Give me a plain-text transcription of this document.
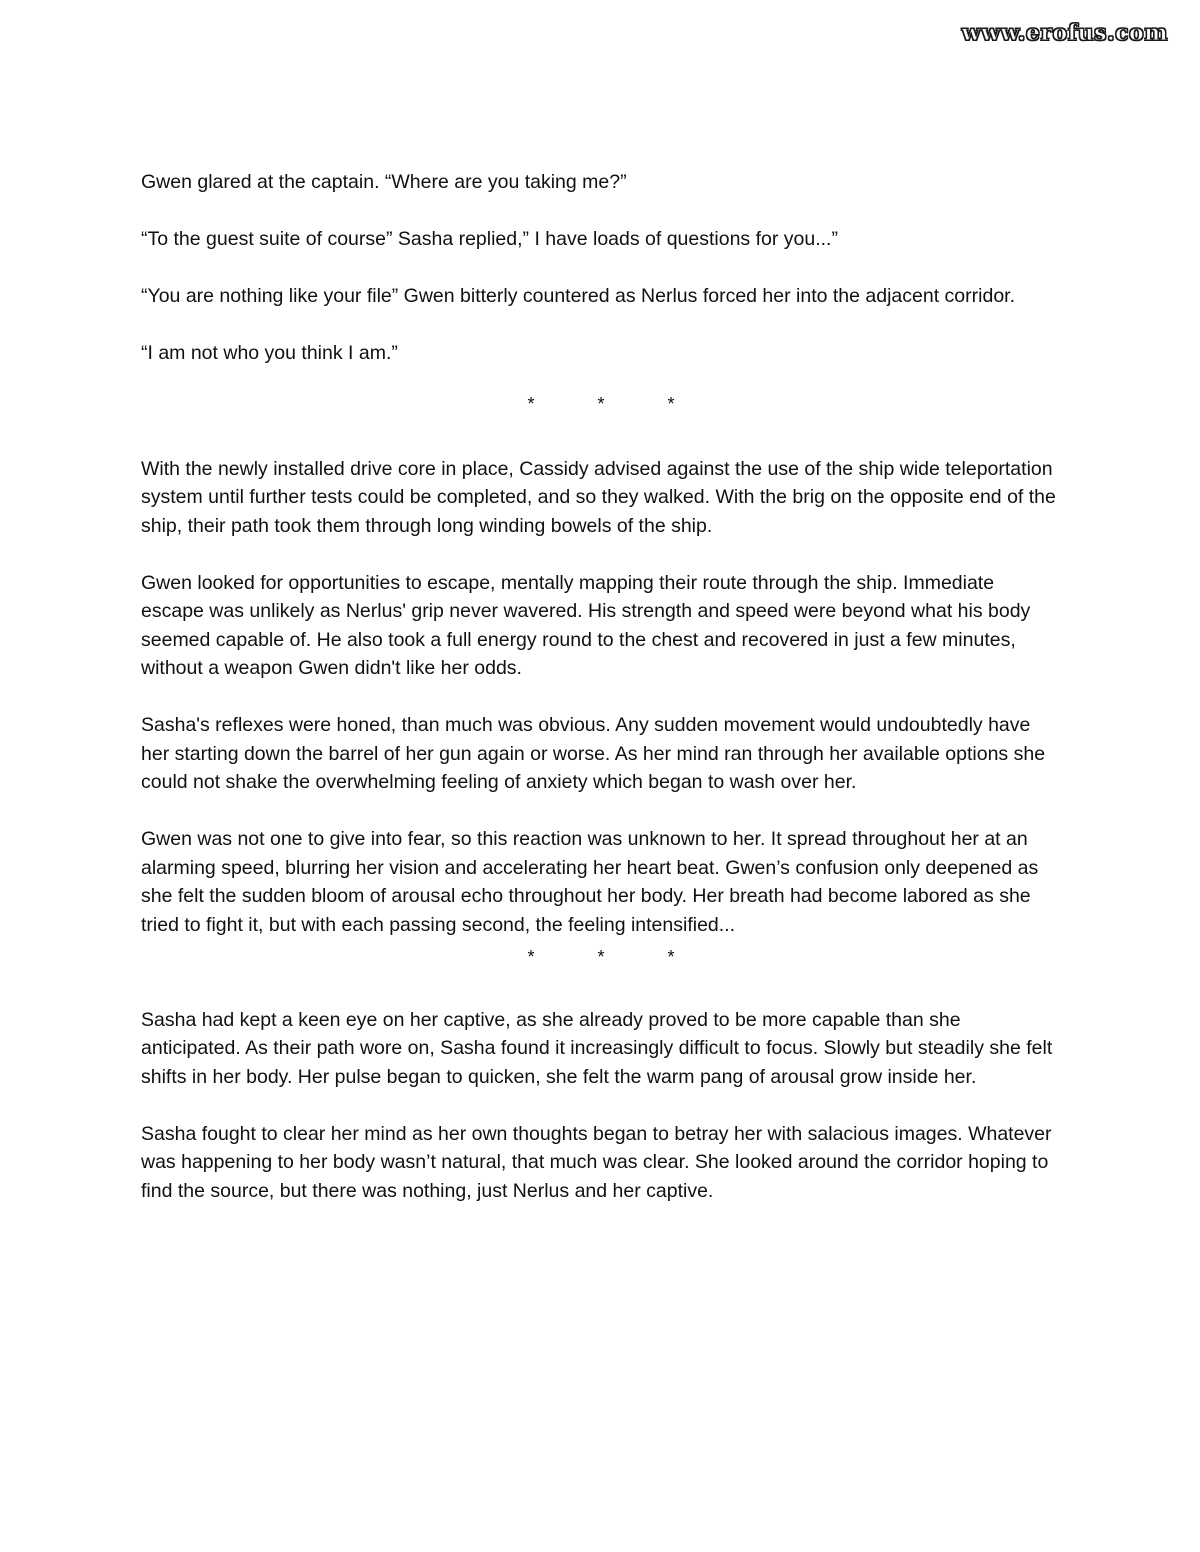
www.erofus.com

Gwen glared at the captain. “Where are you taking me?”

“To the guest suite of course” Sasha replied,” I have loads of questions for you...”

“You are nothing like your file” Gwen bitterly countered as Nerlus forced her into the adjacent corridor.

“I am not who you think I am.”

*	*	*

With the newly installed drive core in place, Cassidy advised against the use of the ship wide teleportation system until further tests could be completed, and so they walked. With the brig on the opposite end of the ship, their path took them through long winding bowels of the ship.

Gwen looked for opportunities to escape, mentally mapping their route through the ship. Immediate escape was unlikely as Nerlus' grip never wavered. His strength and speed were beyond what his body seemed capable of. He also took a full energy round to the chest and recovered in just a few minutes, without a weapon Gwen didn't like her odds.

Sasha's reflexes were honed, than much was obvious. Any sudden movement would undoubtedly have her starting down the barrel of her gun again or worse. As her mind ran through her available options she could not shake the overwhelming feeling of anxiety which began to wash over her.

Gwen was not one to give into fear, so this reaction was unknown to her. It spread throughout her at an alarming speed, blurring her vision and accelerating her heart beat. Gwen’s confusion only deepened as she felt the sudden bloom of arousal echo throughout her body. Her breath had become labored as she tried to fight it, but with each passing second, the feeling intensified...

*	*	*

Sasha had kept a keen eye on her captive, as she already proved to be more capable than she anticipated. As their path wore on, Sasha found it increasingly difficult to focus. Slowly but steadily she felt shifts in her body. Her pulse began to quicken, she felt the warm pang of arousal grow inside her.

Sasha fought to clear her mind as her own thoughts began to betray her with salacious images. Whatever was happening to her body wasn’t natural, that much was clear. She looked around the corridor hoping to find the source, but there was nothing, just Nerlus and her captive.
